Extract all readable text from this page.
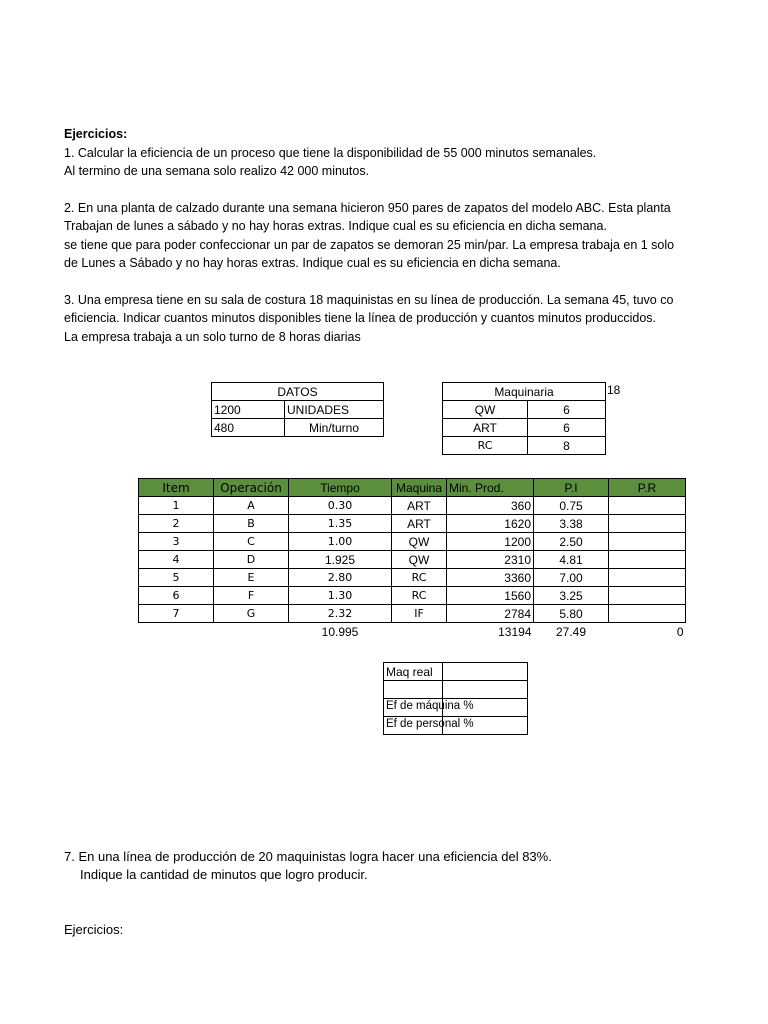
Ejercicios:
1. Calcular la eficiencia de un proceso que tiene la disponibilidad de 55 000 minutos semanales.
Al termino de una semana solo realizo 42 000 minutos.
2. En una planta de calzado durante una semana hicieron 950 pares de zapatos del modelo ABC. Esta planta
Trabajan de lunes a sábado y no hay horas extras. Indique cual es su eficiencia en dicha semana.
se tiene que para poder confeccionar un par de zapatos se demoran 25 min/par. La empresa trabaja en 1 solo
de Lunes a Sábado y no hay horas extras. Indique cual es su eficiencia en dicha semana.
3. Una empresa tiene en su sala de costura 18 maquinistas en su línea de producción. La semana 45, tuvo co
eficiencia. Indicar cuantos minutos disponibles tiene la línea de producción y cuantos minutos produccidos.
La empresa trabaja a un solo turno de 8 horas diarias
DATOS	
1200	UNIDADES
480	Min/turno
Maquinaria	
QW	6
ART	6
RC	8
18
Item	Operación	Tiempo	Maquina	Min. Prod.	P.I	P.R
1	A	0.30	ART	360	0.75	
2	B	1.35	ART	1620	3.38	
3	C	1.00	QW	1200	2.50	
4	D	1.925	QW	2310	4.81	
5	E	2.80	RC	3360	7.00	
6	F	1.30	RC	1560	3.25	
7	G	2.32	IF	2784	5.80	
		10.995		13194	27.49	0
Maq real	

Ef de máquina %	

Ef de personal %	

7. En una línea de producción de 20 maquinistas logra hacer una eficiencia del 83%.
Indique la cantidad de minutos que logro producir.
Ejercicios:
